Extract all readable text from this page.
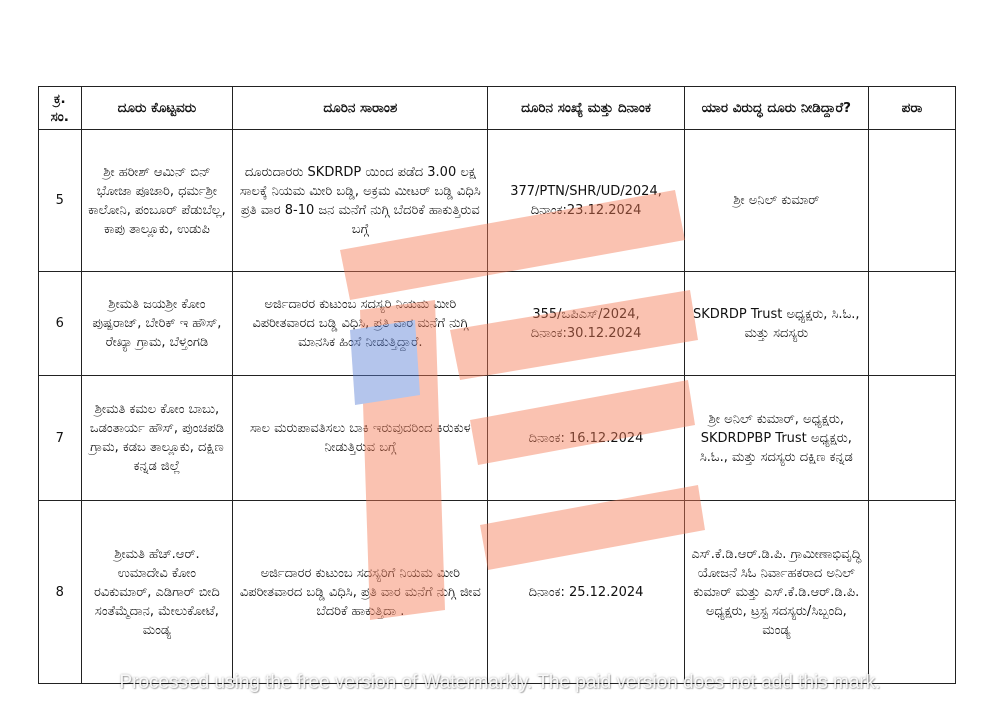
ಕ್ರ. ಸಂ.	ದೂರು ಕೊಟ್ಟವರು	ದೂರಿನ ಸಾರಾಂಶ	ದೂರಿನ ಸಂಖ್ಯೆ ಮತ್ತು ದಿನಾಂಕ	ಯಾರ ವಿರುದ್ಧ ದೂರು ನೀಡಿದ್ದಾರೆ?	ಪರಾ
5	ಶ್ರೀ ಹರೀಶ್ ಆಮಿನ್ ಬಿನ್ ಭೋಜಾ ಪೂಜಾರಿ, ಧರ್ಮಶ್ರೀ ಕಾಲೋನಿ, ಪಂಬೂರ್ ಪೆಡುಬೆಲ್ಲ, ಕಾಪು ತಾಲ್ಲೂಕು, ಉಡುಪಿ	ದೂರುದಾರರು SKDRDP ಯಿಂದ ಪಡೆದ 3.00 ಲಕ್ಷ ಸಾಲಕ್ಕೆ ನಿಯಮ ಮೀರಿ ಬಡ್ಡಿ, ಅಕ್ರಮ ಮೀಟರ್ ಬಡ್ಡಿ ವಿಧಿಸಿ ಪ್ರತಿ ವಾರ 8-10 ಜನ ಮನೆಗೆ ನುಗ್ಗಿ ಬೆದರಿಕೆ ಹಾಕುತ್ತಿರುವ ಬಗ್ಗೆ	377/PTN/SHR/UD/2024, ದಿನಾಂಕ:23.12.2024	ಶ್ರೀ ಅನಿಲ್ ಕುಮಾರ್	
6	ಶ್ರೀಮತಿ ಜಯಶ್ರೀ ಕೋಂ ಪುಷ್ಪರಾಜ್, ಬೇರಿಕ್ ಇ ಹೌಸ್, ರೇಖ್ಯಾ ಗ್ರಾಮ, ಬೆಳ್ತಂಗಡಿ	ಅರ್ಜಿದಾರರ ಕುಟುಂಬ ಸದಸ್ಯರಿ ನಿಯಮ ಮೀರಿ ವಿಪರೀತವಾರದ ಬಡ್ಡಿ ವಿಧಿಸಿ, ಪ್ರತಿ ವಾರ ಮನೆಗೆ ನುಗ್ಗಿ ಮಾನಸಿಕ ಹಿಂಸೆ ನೀಡುತ್ತಿದ್ದಾರೆ.	355/ಒಪಿಎಸ್/2024, ದಿನಾಂಕ:30.12.2024	SKDRDP Trust ಅಧ್ಯಕ್ಷರು, ಸಿ.ಓ., ಮತ್ತು ಸದಸ್ಯರು	
7	ಶ್ರೀಮತಿ ಕಮಲ ಕೋಂ ಬಾಬು, ಒಡಂತಾರ್ಯ ಹೌಸ್, ಪುಂಚಪಡಿ ಗ್ರಾಮ, ಕಡಬ ತಾಲ್ಲೂಕು, ದಕ್ಷಿಣ ಕನ್ನಡ ಜಿಲ್ಲೆ	ಸಾಲ ಮರುಪಾವತಿಸಲು ಬಾಕಿ ಇರುವುದರಿಂದ ಕಿರುಕುಳ ನೀಡುತ್ತಿರುವ ಬಗ್ಗೆ	ದಿನಾಂಕ: 16.12.2024	ಶ್ರೀ ಅನಿಲ್ ಕುಮಾರ್, ಅಧ್ಯಕ್ಷರು, SKDRDPBP Trust ಅಧ್ಯಕ್ಷರು, ಸಿ.ಓ., ಮತ್ತು ಸದಸ್ಯರು ದಕ್ಷಿಣ ಕನ್ನಡ	
8	ಶ್ರೀಮತಿ ಹೆಚ್.ಆರ್. ಉಮಾದೇವಿ ಕೋಂ ರವಿಕುಮಾರ್, ಎಡಿಗಾರ್ ಬೀದಿ ಸಂತೆಮ್ಮೆದಾನ, ಮೇಲುಕೋಟೆ, ಮಂಡ್ಯ	ಅರ್ಜಿದಾರರ ಕುಟುಂಬ ಸದಸ್ಯರಿಗೆ ನಿಯಮ ಮೀರಿ ವಿಪರೀತವಾರದ ಬಡ್ಡಿ ವಿಧಿಸಿ, ಪ್ರತಿ ವಾರ ಮನೆಗೆ ನುಗ್ಗಿ ಜೀವ ಬೆದರಿಕೆ ಹಾಕುತ್ತಿದಾ .	ದಿನಾಂಕ: 25.12.2024	ಎಸ್.ಕೆ.ಡಿ.ಆರ್.ಡಿ.ಪಿ. ಗ್ರಾಮೀಣಾಭಿವೃದ್ಧಿ ಯೋಜನೆ ಸಿಓ ನಿರ್ವಾಹಕರಾದ ಅನಿಲ್ ಕುಮಾರ್ ಮತ್ತು ಎಸ್.ಕೆ.ಡಿ.ಆರ್.ಡಿ.ಪಿ. ಅಧ್ಯಕ್ಷರು, ಟ್ರಸ್ಟ ಸದಸ್ಯರು/ಸಿಬ್ಬಂದಿ, ಮಂಡ್ಯ	
Processed using the free version of Watermarkly. The paid version does not add this mark.
